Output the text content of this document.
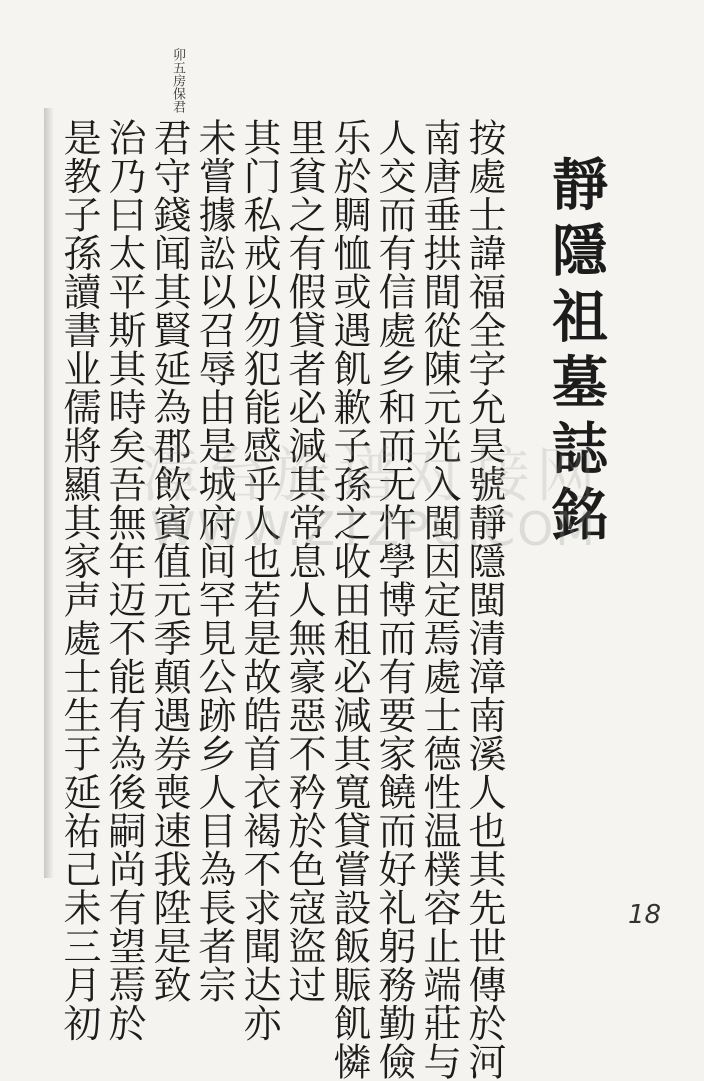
卯五房保君
靜隱祖墓誌銘
按處士諱福全字允昊號靜隱閩清漳南溪人也其先世傳於河
南唐垂拱間從陳元光入閩因定焉處士德性温樸容止端莊与
人交而有信處乡和而无忤學博而有要家饒而好礼躬務勤儉
乐於賙恤或遇飢歉子孫之收田租必減其寬貸嘗設飯賑飢憐
里貧之有假貸者必減其常息人無豪惡不矜於色寇盜过
其门私戒以勿犯能感乎人也若是故皓首衣褐不求聞达亦
未嘗據訟以召辱由是城府间罕見公跡乡人目為長者宗
君守錢闻其賢延為郡飲賓值元季顛遇券喪速我陞是致
治乃曰太平斯其時矣吾無年迈不能有為後嗣尚有望焉於
是教子孫讀書业儒將顯其家声處士生于延祐己未三月初 漳台族谱对接网
WWW.ZTZPU.COM
18
